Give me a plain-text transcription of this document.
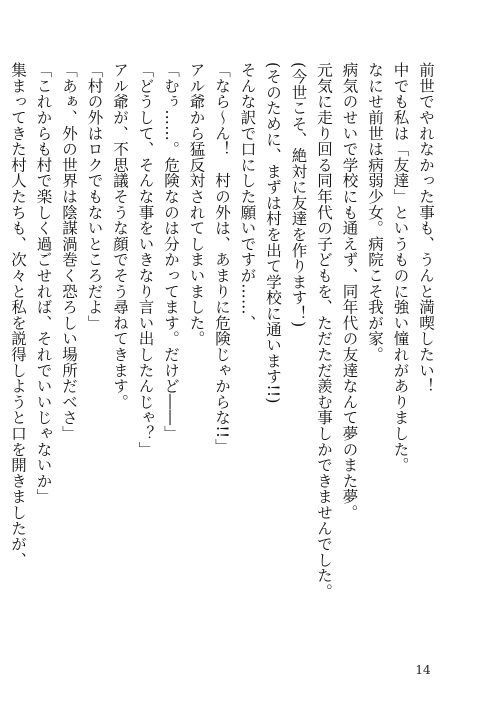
前世でやれなかった事も、うんと満喫したい！

中でも私は「友達」というものに強い憧れがありました。

なにせ前世は病弱少女。病院こそ我が家。

病気のせいで学校にも通えず、同年代の友達なんて夢のまた夢。

元気に走り回る同年代の子どもを、ただただ羨む事しかできませんでした。

(今世こそ、絶対に友達を作ります！)

(そのために、まずは村を出て学校に通います!!)

そんな訳で口にした願いですが……、

「なら～ん！　村の外は、あまりに危険じゃからな!!」

アル爺から猛反対されてしまいました。

「むぅ……。危険なのは分かってます。だけど――」

「どうして、そんな事をいきなり言い出したんじゃ？」

アル爺が、不思議そうな顔でそう尋ねてきます。

「村の外はロクでもないところだよ」

「あぁ、外の世界は陰謀渦巻く恐ろしい場所だべさ」

「これからも村で楽しく過ごせれば、それでいいじゃないか」

集まってきた村人たちも、次々と私を説得しようと口を開きましたが、

14
